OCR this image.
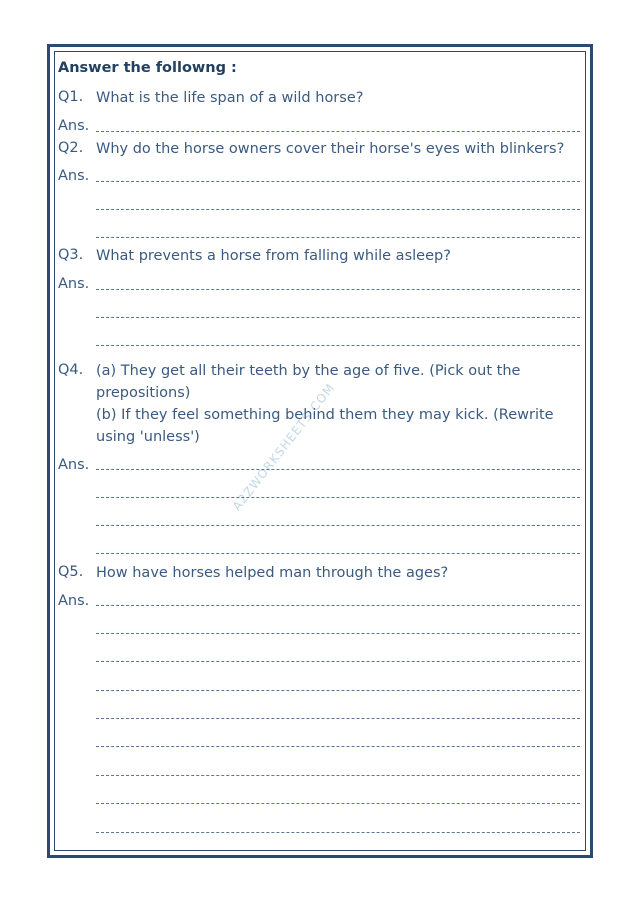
A2ZWORKSHEETS.COM
Answer the followng :
Q1. What is the life span of a wild horse?
Ans.
Q2. Why do the horse owners cover their horse's eyes with blinkers?
Ans.
Q3. What prevents a horse from falling while asleep?
Ans.
Q4. (a) They get all their teeth by the age of five. (Pick out the prepositions)
(b) If they feel something behind them they may kick. (Rewrite using 'unless')
Ans.
Q5. How have horses helped man through the ages?
Ans.
